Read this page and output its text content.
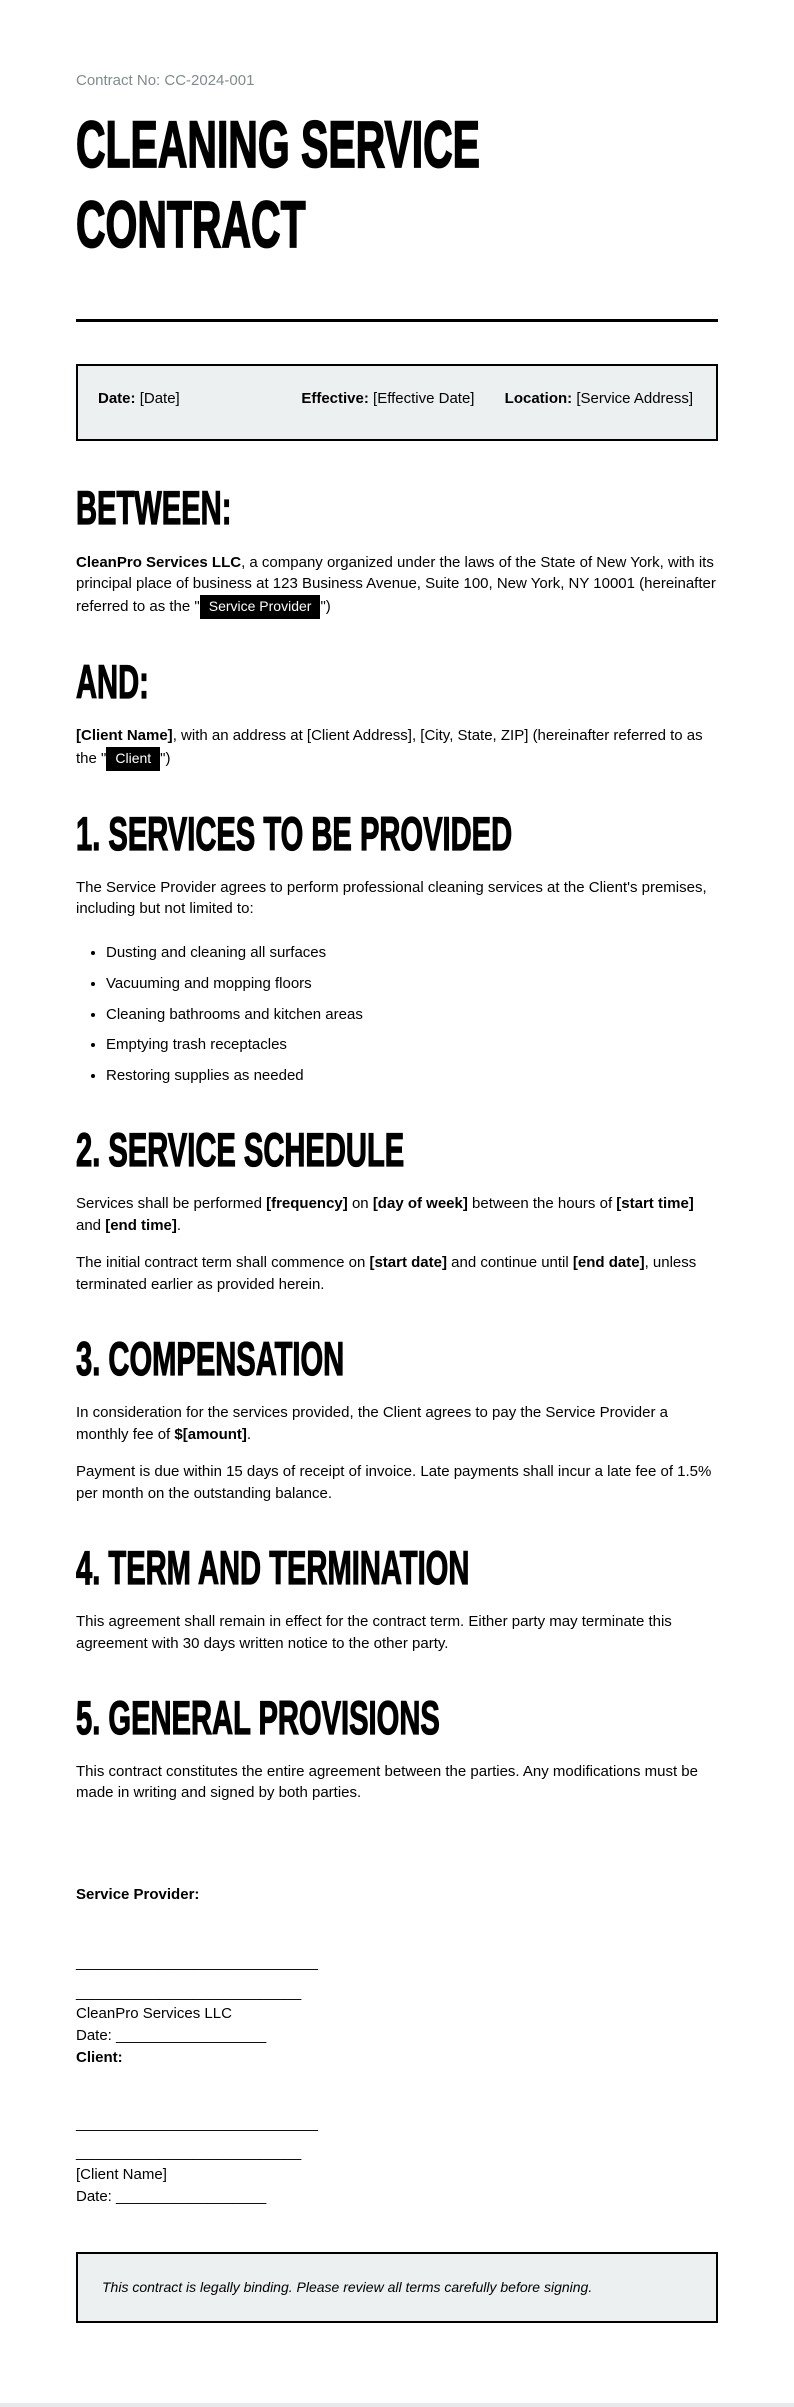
Contract No: CC-2024-001

CLEANING SERVICE CONTRACT
Date: [Date]	Effective: [Effective Date]	Location: [Service Address]
BETWEEN:

CleanPro Services LLC, a company organized under the laws of the State of New York, with its principal place of business at 123 Business Avenue, Suite 100, New York, NY 10001 (hereinafter referred to as the " Service Provider ")

AND:

[Client Name], with an address at [Client Address], [City, State, ZIP] (hereinafter referred to as the " Client ")

1. SERVICES TO BE PROVIDED

The Service Provider agrees to perform professional cleaning services at the Client's premises, including but not limited to:

• Dusting and cleaning all surfaces
• Vacuuming and mopping floors
• Cleaning bathrooms and kitchen areas
• Emptying trash receptacles
• Restoring supplies as needed
2. SERVICE SCHEDULE

Services shall be performed [frequency] on [day of week] between the hours of [start time] and [end time].

The initial contract term shall commence on [start date] and continue until [end date], unless terminated earlier as provided herein.

3. COMPENSATION

In consideration for the services provided, the Client agrees to pay the Service Provider a monthly fee of $[amount].

Payment is due within 15 days of receipt of invoice. Late payments shall incur a late fee of 1.5% per month on the outstanding balance.

4. TERM AND TERMINATION

This agreement shall remain in effect for the contract term. Either party may terminate this agreement with 30 days written notice to the other party.

5. GENERAL PROVISIONS

This contract constitutes the entire agreement between the parties. Any modifications must be made in writing and signed by both parties.

Service Provider:

_____________________________

___________________________

CleanPro Services LLC

Date: __________________

Client:

_____________________________

___________________________

[Client Name]

Date: __________________

This contract is legally binding. Please review all terms carefully before signing.
